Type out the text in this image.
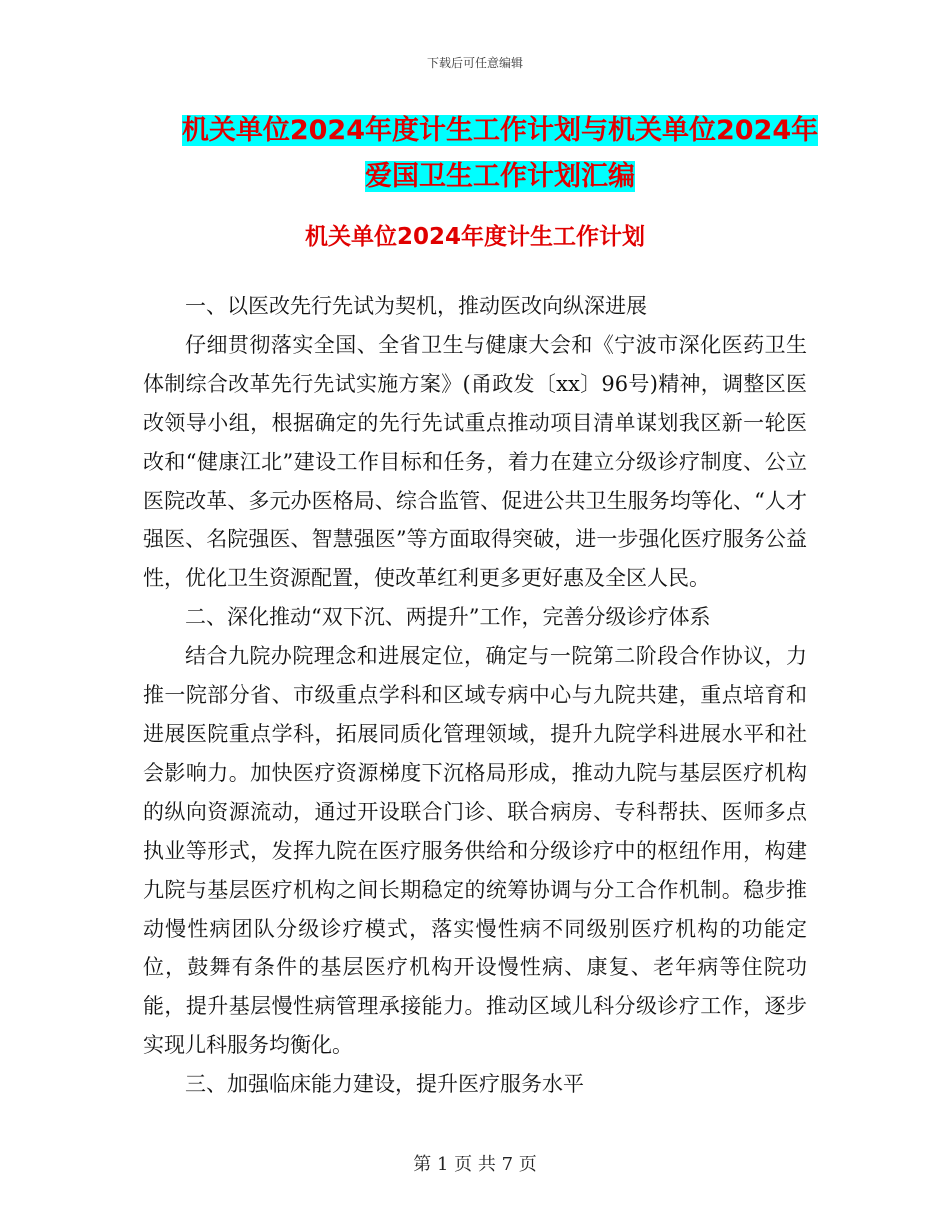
下载后可任意编辑
机关单位2024年度计生工作计划与机关单位2024年
爱国卫生工作计划汇编
机关单位2024年度计生工作计划

一、以医改先行先试为契机，推动医改向纵深进展

仔细贯彻落实全国、全省卫生与健康大会和《宁波市深化医药卫生体制综合改革先行先试实施方案》(甬政发〔xx〕96号)精神，调整区医改领导小组，根据确定的先行先试重点推动项目清单谋划我区新一轮医改和“健康江北”建设工作目标和任务，着力在建立分级诊疗制度、公立医院改革、多元办医格局、综合监管、促进公共卫生服务均等化、“人才强医、名院强医、智慧强医”等方面取得突破，进一步强化医疗服务公益性，优化卫生资源配置，使改革红利更多更好惠及全区人民。

二、深化推动“双下沉、两提升”工作，完善分级诊疗体系

结合九院办院理念和进展定位，确定与一院第二阶段合作协议，力推一院部分省、市级重点学科和区域专病中心与九院共建，重点培育和进展医院重点学科，拓展同质化管理领域，提升九院学科进展水平和社会影响力。加快医疗资源梯度下沉格局形成，推动九院与基层医疗机构的纵向资源流动，通过开设联合门诊、联合病房、专科帮扶、医师多点执业等形式，发挥九院在医疗服务供给和分级诊疗中的枢纽作用，构建九院与基层医疗机构之间长期稳定的统筹协调与分工合作机制。稳步推动慢性病团队分级诊疗模式，落实慢性病不同级别医疗机构的功能定位，鼓舞有条件的基层医疗机构开设慢性病、康复、老年病等住院功能，提升基层慢性病管理承接能力。推动区域儿科分级诊疗工作，逐步实现儿科服务均衡化。

三、加强临床能力建设，提升医疗服务水平

第 1 页 共 7 页
